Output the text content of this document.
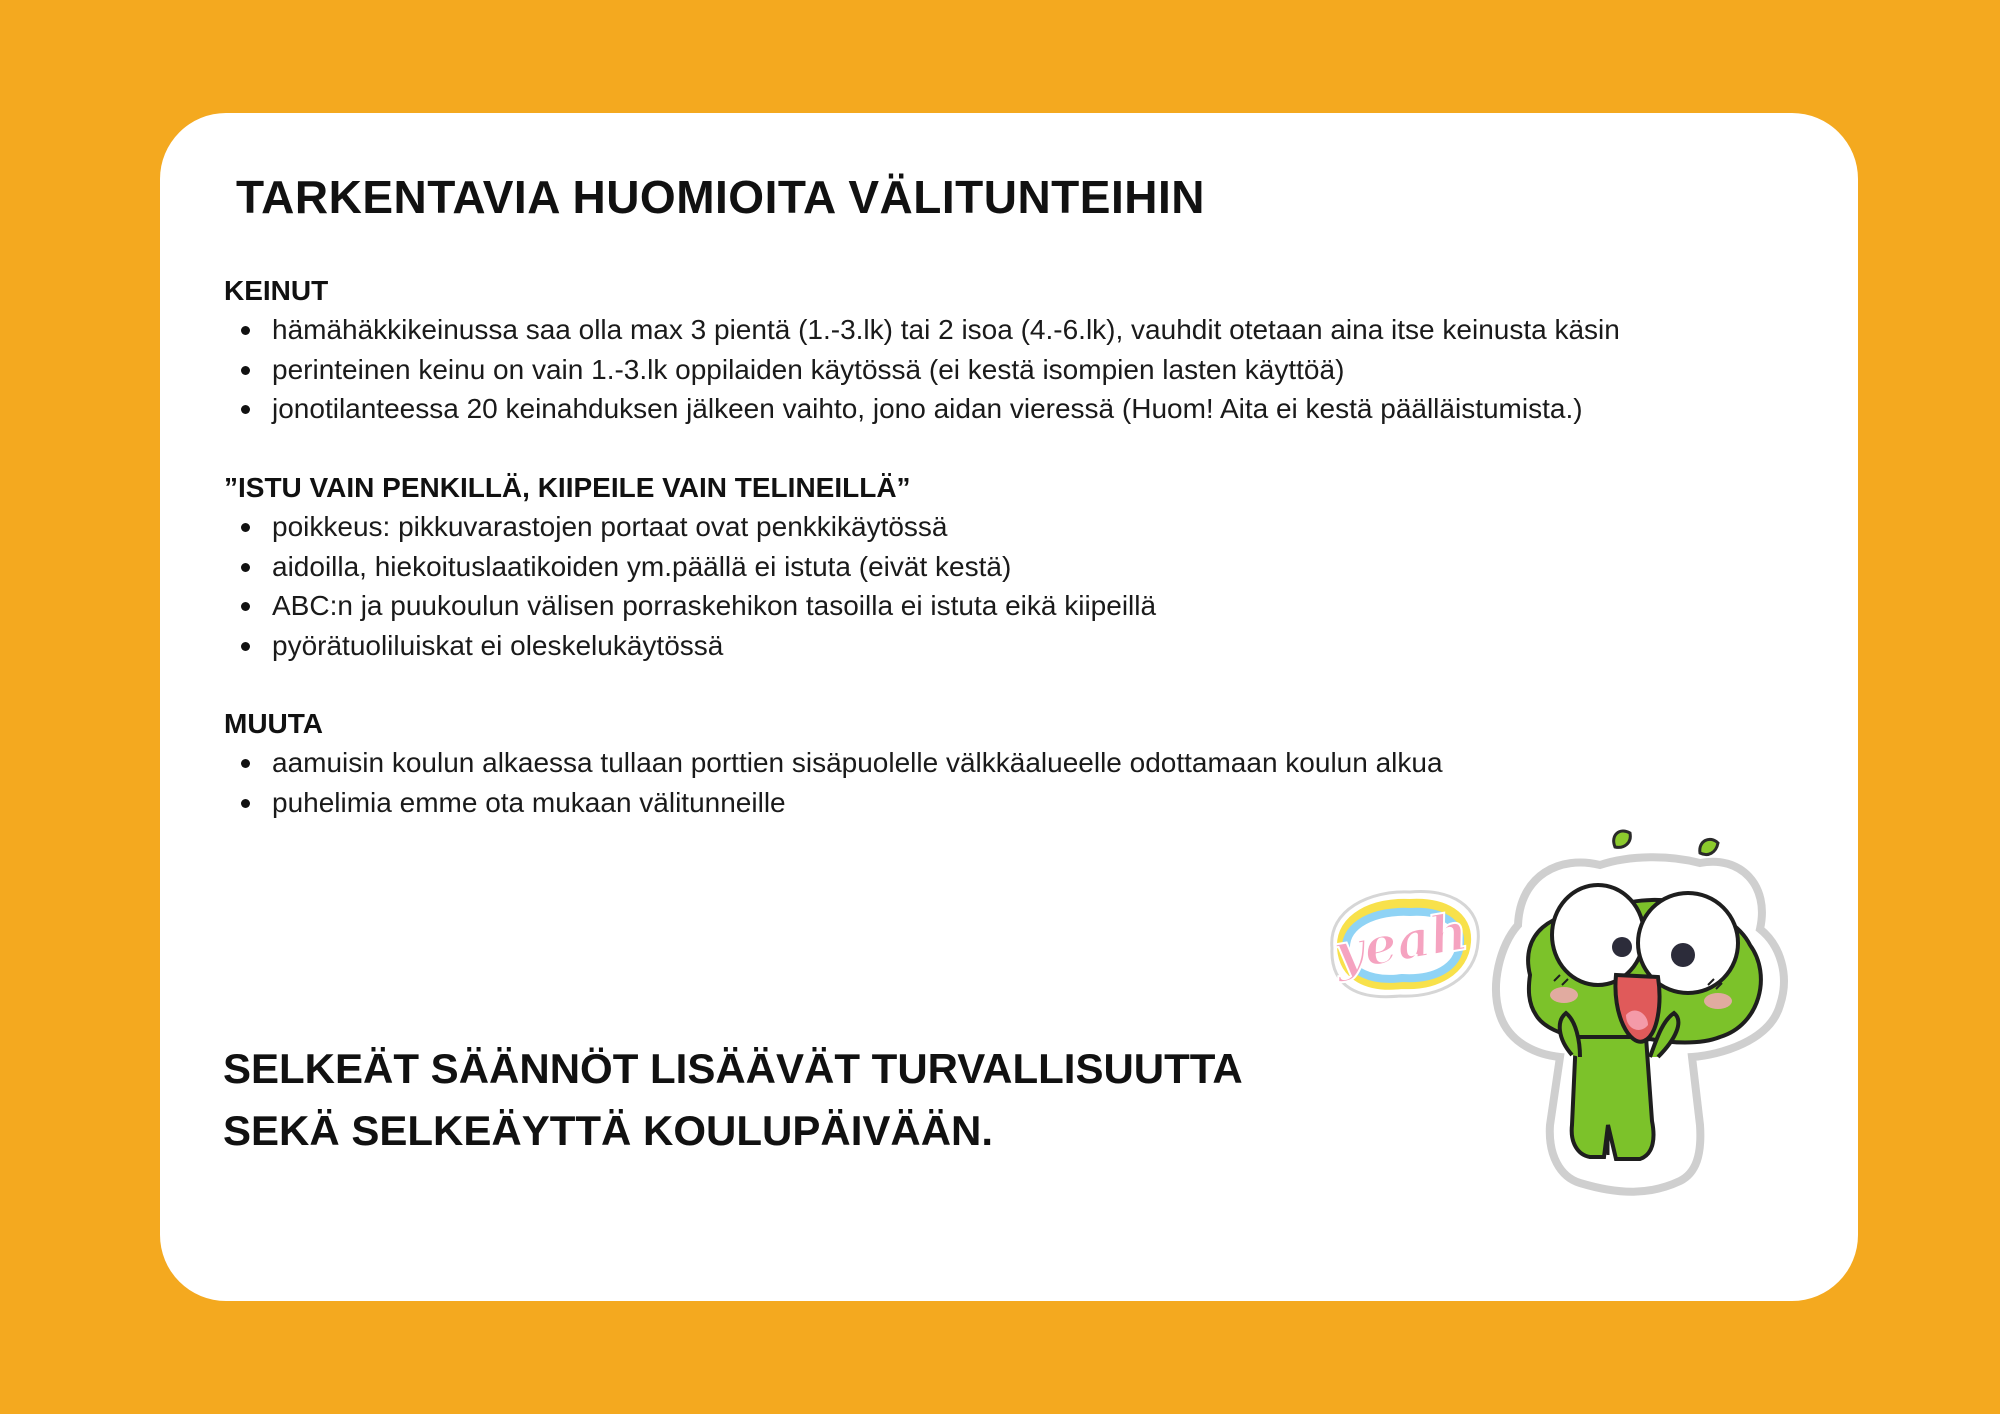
TARKENTAVIA HUOMIOITA VÄLITUNTEIHIN
KEINUT
hämähäkkikeinussa saa olla max 3 pientä (1.-3.lk) tai 2 isoa (4.-6.lk), vauhdit otetaan aina itse keinusta käsin
perinteinen keinu on vain 1.-3.lk oppilaiden käytössä (ei kestä isompien lasten käyttöä)
jonotilanteessa 20 keinahduksen jälkeen vaihto, jono aidan vieressä (Huom! Aita ei kestä päälläistumista.)
”ISTU VAIN PENKILLÄ, KIIPEILE VAIN TELINEILLÄ”
poikkeus: pikkuvarastojen portaat ovat penkkikäytössä
aidoilla, hiekoituslaatikoiden ym.päällä ei istuta (eivät kestä)
ABC:n ja puukoulun välisen porraskehikon tasoilla ei istuta eikä kiipeillä
pyörätuoliluiskat ei oleskelukäytössä
MUUTA
aamuisin koulun alkaessa tullaan porttien sisäpuolelle välkkäalueelle odottamaan koulun alkua
puhelimia emme ota mukaan välitunneille
SELKEÄT SÄÄNNÖT LISÄÄVÄT TURVALLISUUTTA
SEKÄ SELKEÄYTTÄ KOULUPÄIVÄÄN.
yeah
